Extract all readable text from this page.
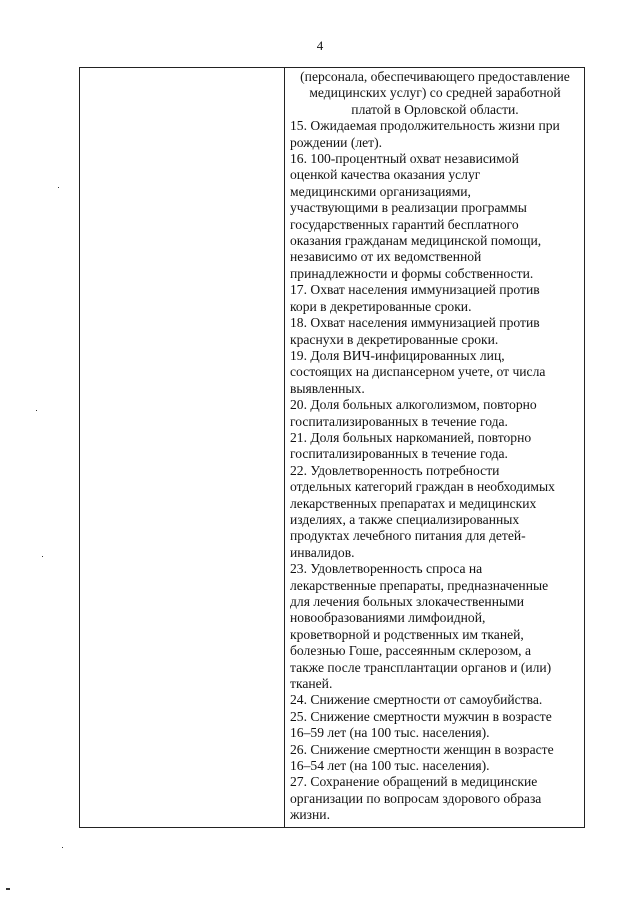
4

(персонала, обеспечивающего предоставление
медицинских услуг) со средней заработной
платой в Орловской области.

15. Ожидаемая продолжительность жизни при
рождении (лет).

16. 100-процентный охват независимой
оценкой качества оказания услуг
медицинскими организациями,
участвующими в реализации программы
государственных гарантий бесплатного
оказания гражданам медицинской помощи,
независимо от их ведомственной
принадлежности и формы собственности.

17. Охват населения иммунизацией против
кори в декретированные сроки.

18. Охват населения иммунизацией против
краснухи в декретированные сроки.

19. Доля ВИЧ-инфицированных лиц,
состоящих на диспансерном учете, от числа
выявленных.

20. Доля больных алкоголизмом, повторно
госпитализированных в течение года.

21. Доля больных наркоманией, повторно
госпитализированных в течение года.

22. Удовлетворенность потребности
отдельных категорий граждан в необходимых
лекарственных препаратах и медицинских
изделиях, а также специализированных
продуктах лечебного питания для детей-
инвалидов.

23. Удовлетворенность спроса на
лекарственные препараты, предназначенные
для лечения больных злокачественными
новообразованиями лимфоидной,
кроветворной и родственных им тканей,
болезнью Гоше, рассеянным склерозом, а
также после трансплантации органов и (или)
тканей.

24. Снижение смертности от самоубийства.

25. Снижение смертности мужчин в возрасте
16–59 лет (на 100 тыс. населения).

26. Снижение смертности женщин в возрасте
16–54 лет (на 100 тыс. населения).

27. Сохранение обращений в медицинские
организации по вопросам здорового образа
жизни.
